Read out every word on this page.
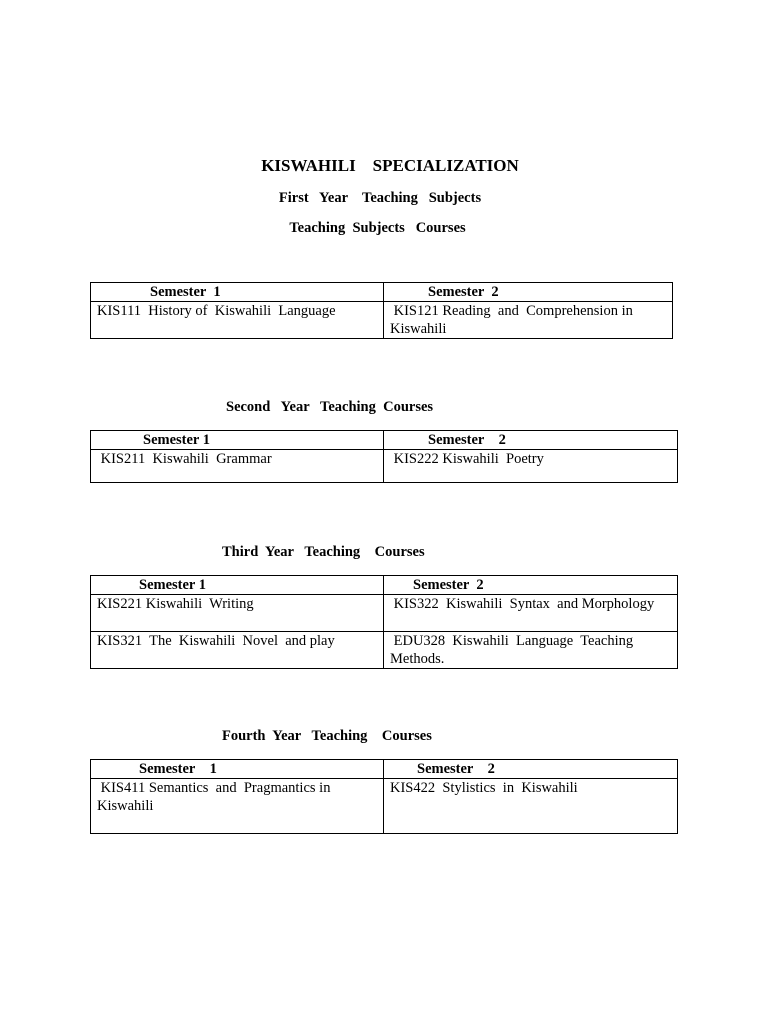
KISWAHILI    SPECIALIZATION
First   Year    Teaching   Subjects
Teaching  Subjects   Courses
Semester  1	Semester  2
KIS111  History of  Kiswahili  Language	KIS121 Reading  and  Comprehension in Kiswahili
Second   Year   Teaching  Courses
Semester 1	Semester    2
KIS211  Kiswahili  Grammar	KIS222 Kiswahili  Poetry
Third  Year   Teaching    Courses
Semester 1	Semester  2
KIS221 Kiswahili  Writing	KIS322  Kiswahili  Syntax  and Morphology
KIS321  The  Kiswahili  Novel  and play	EDU328  Kiswahili  Language  Teaching  Methods.
Fourth  Year   Teaching    Courses
Semester    1	Semester    2
KIS411 Semantics  and  Pragmantics in Kiswahili	KIS422  Stylistics  in  Kiswahili
